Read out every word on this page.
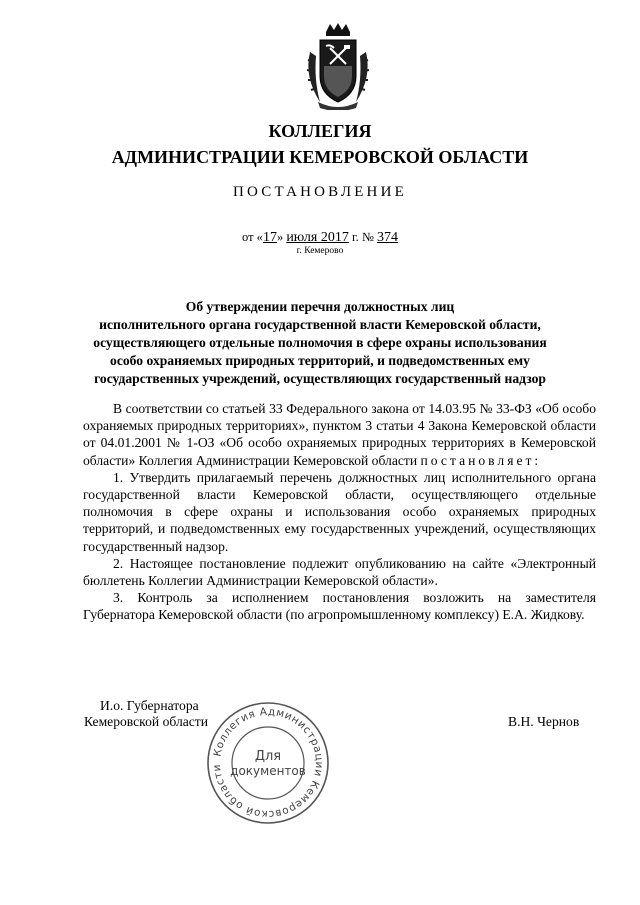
КОЛЛЕГИЯ
АДМИНИСТРАЦИИ КЕМЕРОВСКОЙ ОБЛАСТИ
ПОСТАНОВЛЕНИЕ
от «17» июля 2017 г. № 374
г. Кемерово
Об утверждении перечня должностных лиц
исполнительного органа государственной власти Кемеровской области,
осуществляющего отдельные полномочия в сфере охраны использования
особо охраняемых природных территорий, и подведомственных ему
государственных учреждений, осуществляющих государственный надзор

В соответствии со статьей 33 Федерального закона от 14.03.95 № 33-ФЗ «Об особо охраняемых природных территориях», пунктом 3 статьи 4 Закона Кемеровской области от 04.01.2001 № 1-ОЗ «Об особо охраняемых природных территориях в Кемеровской области» Коллегия Администрации Кемеровской области постановляет:

1. Утвердить прилагаемый перечень должностных лиц исполнительного органа государственной власти Кемеровской области, осуществляющего отдельные полномочия в сфере охраны и использования особо охраняемых природных территорий, и подведомственных ему государственных учреждений, осуществляющих государственный надзор.

2. Настоящее постановление подлежит опубликованию на сайте «Электронный бюллетень Коллегии Администрации Кемеровской области».

3. Контроль за исполнением постановления возложить на заместителя Губернатора Кемеровской области (по агропромышленному комплексу) Е.А. Жидкову.

И.о. Губернатора
Кемеровской области	В.Н. Чернов
Коллегия Администрации Кемеровской области
Для
документов
